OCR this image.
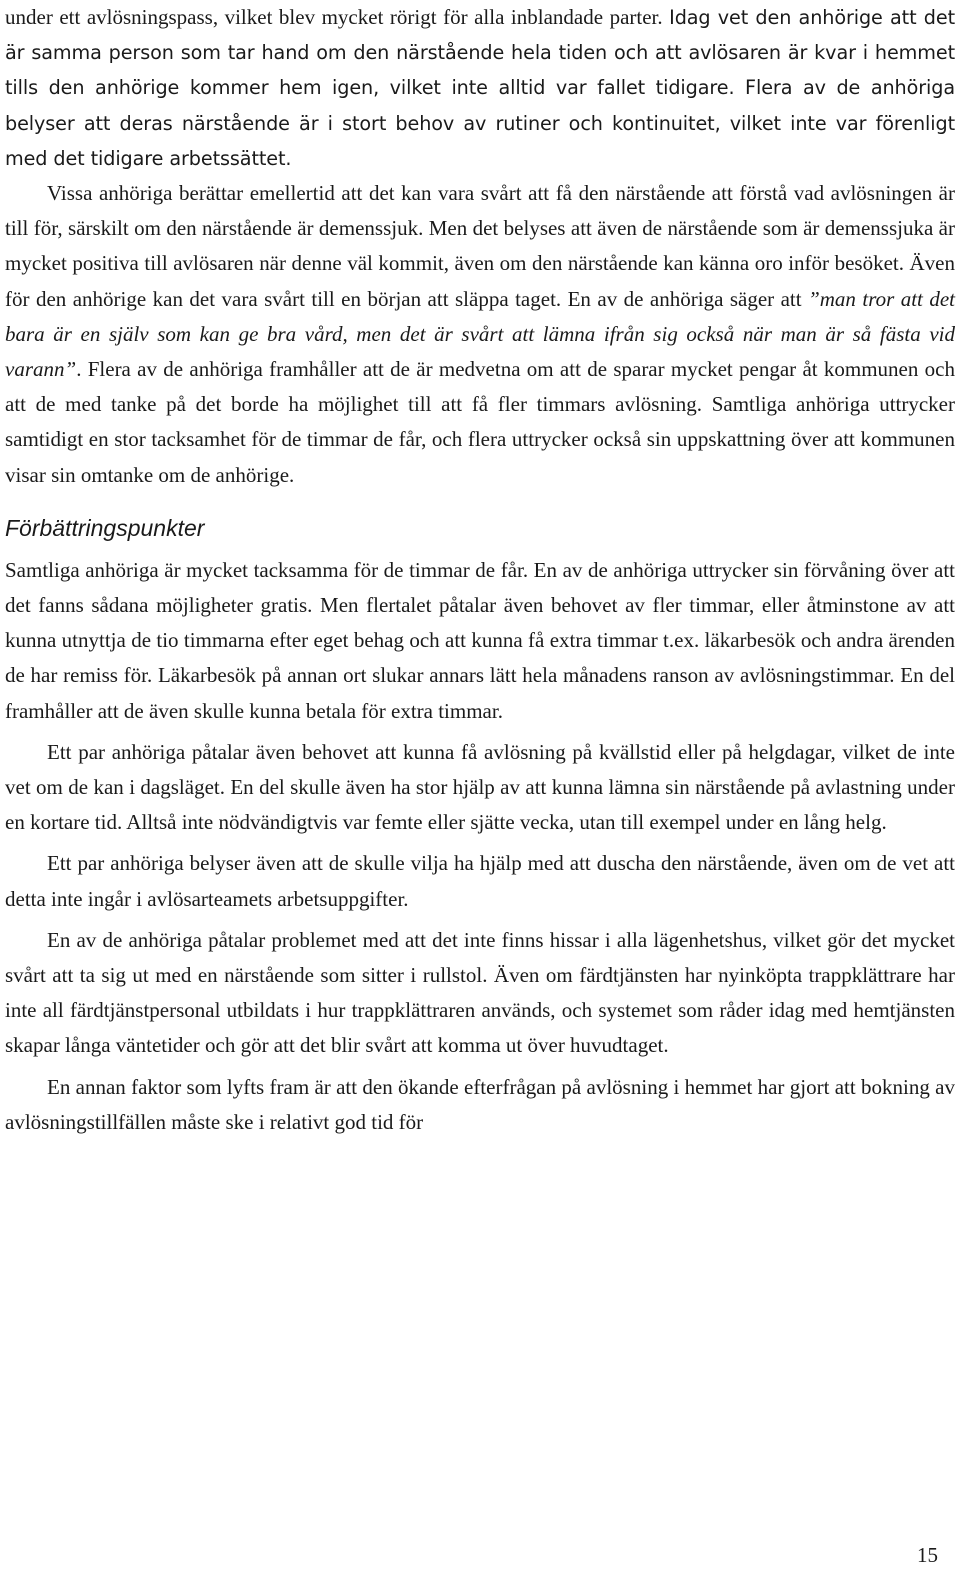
under ett avlösningspass, vilket blev mycket rörigt för alla inblandade parter. Idag vet den anhörige att det är samma person som tar hand om den närstående hela tiden och att avlösaren är kvar i hemmet tills den anhörige kommer hem igen, vilket inte alltid var fallet tidigare. Flera av de anhöriga belyser att deras närstående är i stort behov av rutiner och kontinuitet, vilket inte var förenligt med det tidigare arbetssättet.

Vissa anhöriga berättar emellertid att det kan vara svårt att få den närstående att förstå vad avlösningen är till för, särskilt om den närstående är demenssjuk. Men det belyses att även de närstående som är demenssjuka är mycket positiva till avlösaren när denne väl kommit, även om den närstående kan känna oro inför besöket. Även för den anhörige kan det vara svårt till en början att släppa taget. En av de anhöriga säger att ”man tror att det bara är en själv som kan ge bra vård, men det är svårt att lämna ifrån sig också när man är så fästa vid varann”. Flera av de anhöriga framhåller att de är medvetna om att de sparar mycket pengar åt kommunen och att de med tanke på det borde ha möjlighet till att få fler timmars avlösning. Samtliga anhöriga uttrycker samtidigt en stor tacksamhet för de timmar de får, och flera uttrycker också sin uppskattning över att kommunen visar sin omtanke om de anhörige.

Förbättringspunkter

Samtliga anhöriga är mycket tacksamma för de timmar de får. En av de anhöriga uttrycker sin förvåning över att det fanns sådana möjligheter gratis. Men flertalet påtalar även behovet av fler timmar, eller åtminstone av att kunna utnyttja de tio timmarna efter eget behag och att kunna få extra timmar t.ex. läkarbesök och andra ärenden de har remiss för. Läkarbesök på annan ort slukar annars lätt hela månadens ranson av avlösningstimmar. En del framhåller att de även skulle kunna betala för extra timmar.

Ett par anhöriga påtalar även behovet att kunna få avlösning på kvällstid eller på helgdagar, vilket de inte vet om de kan i dagsläget. En del skulle även ha stor hjälp av att kunna lämna sin närstående på avlastning under en kortare tid. Alltså inte nödvändigtvis var femte eller sjätte vecka, utan till exempel under en lång helg.

Ett par anhöriga belyser även att de skulle vilja ha hjälp med att duscha den närstående, även om de vet att detta inte ingår i avlösarteamets arbetsuppgifter.

En av de anhöriga påtalar problemet med att det inte finns hissar i alla lägenhetshus, vilket gör det mycket svårt att ta sig ut med en närstående som sitter i rullstol. Även om färdtjänsten har nyinköpta trappklättrare har inte all färdtjänstpersonal utbildats i hur trappklättraren används, och systemet som råder idag med hemtjänsten skapar långa väntetider och gör att det blir svårt att komma ut över huvudtaget.

En annan faktor som lyfts fram är att den ökande efterfrågan på avlösning i hemmet har gjort att bokning av avlösningstillfällen måste ske i relativt god tid för

15
